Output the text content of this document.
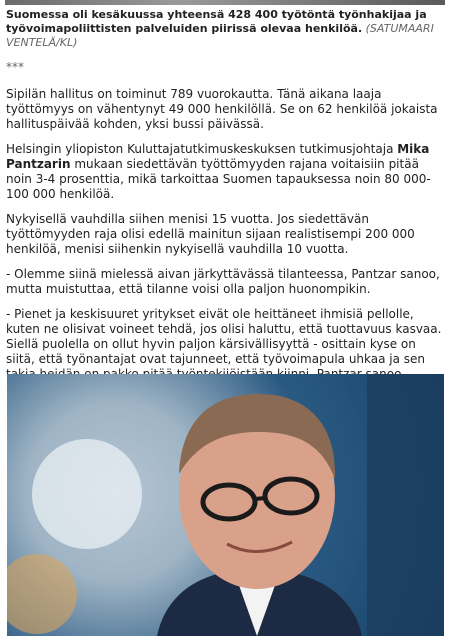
Suomessa oli kesäkuussa yhteensä 428 400 työtöntä työnhakijaa ja työvoimapoliittisten palveluiden piirissä olevaa henkilöä. (SATUMAARI VENTELÄ/KL)

***

Sipilän hallitus on toiminut 789 vuorokautta. Tänä aikana laaja työttömyys on vähentynyt 49 000 henkilöllä. Se on 62 henkilöä jokaista hallituspäivää kohden, yksi bussi päivässä.

Helsingin yliopiston Kuluttajatutkimuskeskuksen tutkimusjohtaja Mika Pantzarin mukaan siedettävän työttömyyden rajana voitaisiin pitää noin 3-4 prosenttia, mikä tarkoittaa Suomen tapauksessa noin 80 000-100 000 henkilöä.

Nykyisellä vauhdilla siihen menisi 15 vuotta. Jos siedettävän työttömyyden raja olisi edellä mainitun sijaan realistisempi 200 000 henkilöä, menisi siihenkin nykyisellä vauhdilla 10 vuotta.

- Olemme siinä mielessä aivan järkyttävässä tilanteessa, Pantzar sanoo, mutta muistuttaa, että tilanne voisi olla paljon huonompikin.

- Pienet ja keskisuuret yritykset eivät ole heittäneet ihmisiä pellolle, kuten ne olisivat voineet tehdä, jos olisi haluttu, että tuottavuus kasvaa. Siellä puolella on ollut hyvin paljon kärsivällisyyttä - osittain kyse on siitä, että työnantajat ovat tajunneet, että työvoimapula uhkaa ja sen
